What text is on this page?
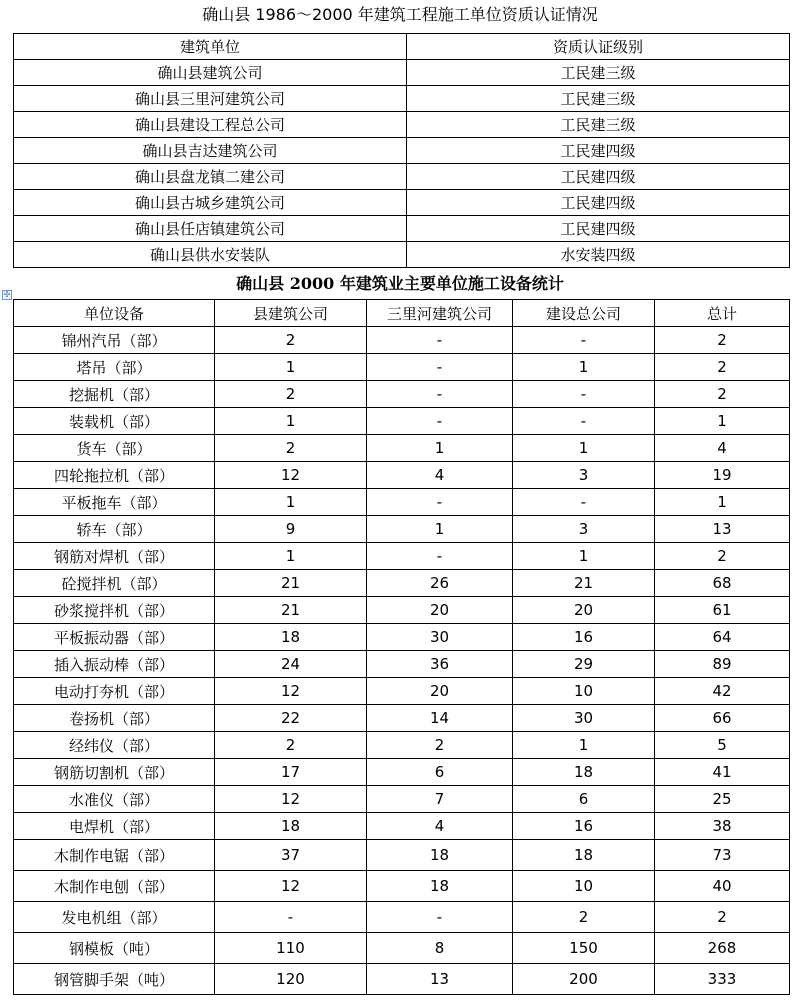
确山县 1986～2000 年建筑工程施工单位资质认证情况
建筑单位	资质认证级别
确山县建筑公司	工民建三级
确山县三里河建筑公司	工民建三级
确山县建设工程总公司	工民建三级
确山县吉达建筑公司	工民建四级
确山县盘龙镇二建公司	工民建四级
确山县古城乡建筑公司	工民建四级
确山县任店镇建筑公司	工民建四级
确山县供水安装队	水安装四级
确山县 2000 年建筑业主要单位施工设备统计
✣
单位设备	县建筑公司	三里河建筑公司	建设总公司	总计
锦州汽吊（部）	2	-	-	2
塔吊（部）	1	-	1	2
挖掘机（部）	2	-	-	2
装载机（部）	1	-	-	1
货车（部）	2	1	1	4
四轮拖拉机（部）	12	4	3	19
平板拖车（部）	1	-	-	1
轿车（部）	9	1	3	13
钢筋对焊机（部）	1	-	1	2
砼搅拌机（部）	21	26	21	68
砂浆搅拌机（部）	21	20	20	61
平板振动器（部）	18	30	16	64
插入振动棒（部）	24	36	29	89
电动打夯机（部）	12	20	10	42
卷扬机（部）	22	14	30	66
经纬仪（部）	2	2	1	5
钢筋切割机（部）	17	6	18	41
水准仪（部）	12	7	6	25
电焊机（部）	18	4	16	38
木制作电锯（部）	37	18	18	73
木制作电刨（部）	12	18	10	40
发电机组（部）	-	-	2	2
钢模板（吨）	110	8	150	268
钢管脚手架（吨）	120	13	200	333
